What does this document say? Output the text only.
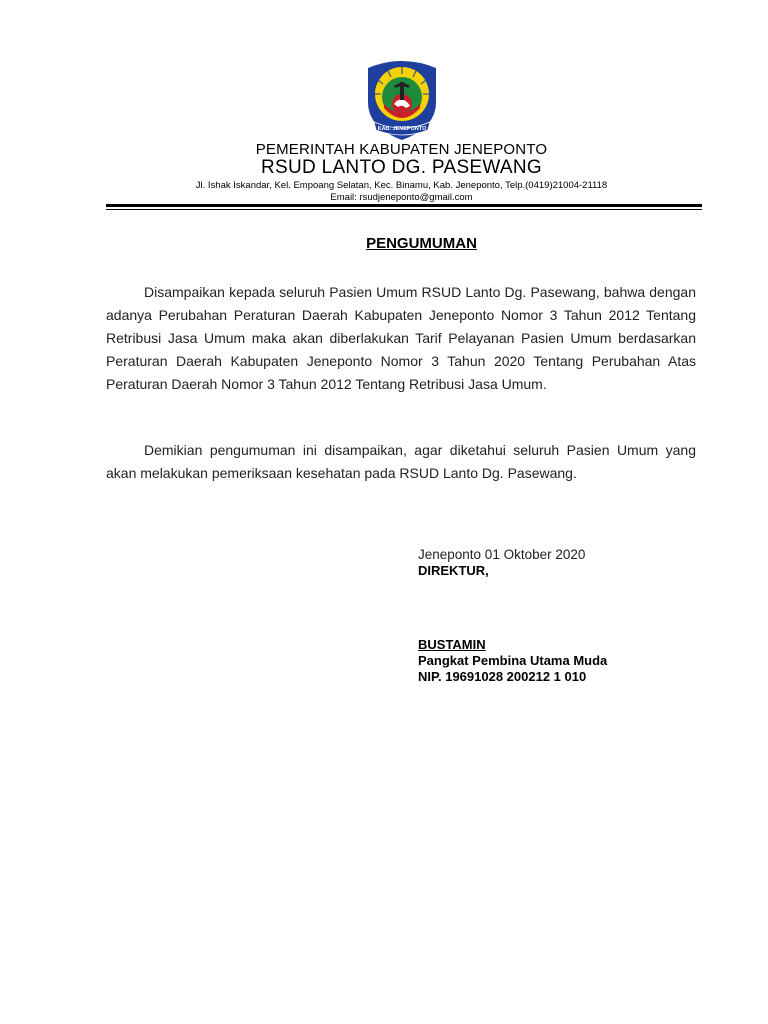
KAB. JENEPONTO
PEMERINTAH KABUPATEN JENEPONTO
RSUD LANTO DG. PASEWANG
Jl. Ishak Iskandar, Kel. Empoang Selatan, Kec. Binamu, Kab. Jeneponto, Telp.(0419)21004-21118
Email: rsudjeneponto@gmail.com
PENGUMUMAN

Disampaikan kepada seluruh Pasien Umum RSUD Lanto Dg. Pasewang, bahwa dengan adanya Perubahan Peraturan Daerah Kabupaten Jeneponto Nomor 3 Tahun 2012 Tentang Retribusi Jasa Umum maka akan diberlakukan Tarif Pelayanan Pasien Umum berdasarkan Peraturan Daerah Kabupaten Jeneponto Nomor 3 Tahun 2020 Tentang Perubahan Atas Peraturan Daerah Nomor 3 Tahun 2012 Tentang Retribusi Jasa Umum.

Demikian pengumuman ini disampaikan, agar diketahui seluruh Pasien Umum yang akan melakukan pemeriksaan kesehatan pada RSUD Lanto Dg. Pasewang.

Jeneponto 01 Oktober 2020
DIREKTUR,
BUSTAMIN
Pangkat Pembina Utama Muda
NIP. 19691028 200212 1 010
